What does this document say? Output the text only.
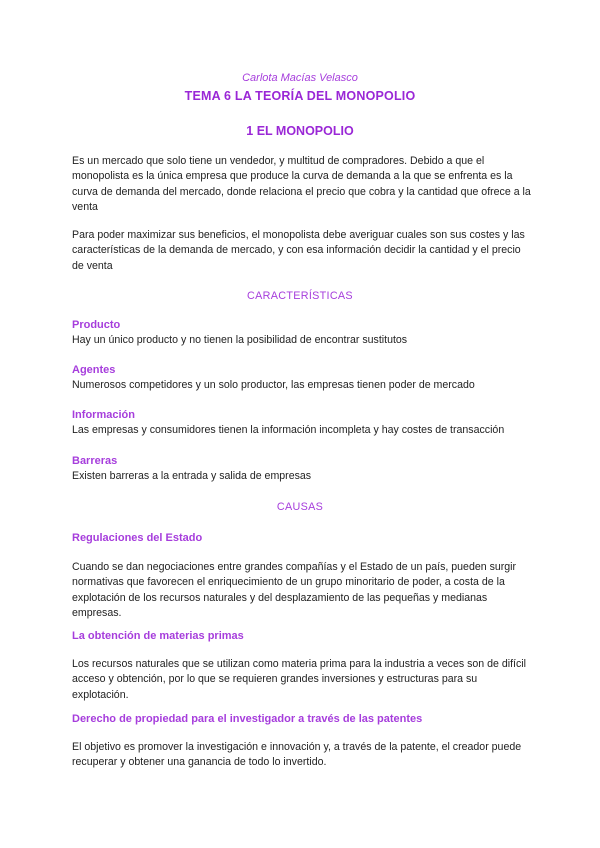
Carlota Macías Velasco

TEMA 6 LA TEORÍA DEL MONOPOLIO

1 EL MONOPOLIO

Es un mercado que solo tiene un vendedor, y multitud de compradores. Debido a que el monopolista es la única empresa que produce la curva de demanda a la que se enfrenta es la curva de demanda del mercado, donde relaciona el precio que cobra y la cantidad que ofrece a la venta

Para poder maximizar sus beneficios, el monopolista debe averiguar cuales son sus costes y las características de la demanda de mercado, y con esa información decidir la cantidad y el precio de venta

CARACTERÍSTICAS

Producto

Hay un único producto y no tienen la posibilidad de encontrar sustitutos

Agentes

Numerosos competidores y un solo productor, las empresas tienen poder de mercado

Información

Las empresas y consumidores tienen la información incompleta y hay costes de transacción

Barreras

Existen barreras a la entrada y salida de empresas

CAUSAS

Regulaciones del Estado

Cuando se dan negociaciones entre grandes compañías y el Estado de un país, pueden surgir normativas que favorecen el enriquecimiento de un grupo minoritario de poder, a costa de la explotación de los recursos naturales y del desplazamiento de las pequeñas y medianas empresas.

La obtención de materias primas

Los recursos naturales que se utilizan como materia prima para la industria a veces son de difícil acceso y obtención, por lo que se requieren grandes inversiones y estructuras para su explotación.

Derecho de propiedad para el investigador a través de las patentes

El objetivo es promover la investigación e innovación y, a través de la patente, el creador puede recuperar y obtener una ganancia de todo lo invertido.
